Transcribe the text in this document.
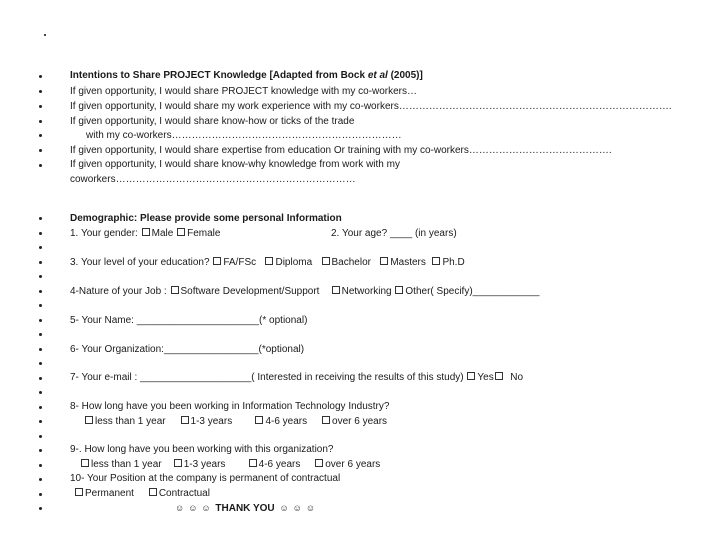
Intentions to Share PROJECT Knowledge [Adapted from Bock et al (2005)]
If given opportunity, I would share PROJECT knowledge with my co-workers…
If given opportunity, I would share my work experience with my co-workers……………………………………………………………………….
If given opportunity, I would share know-how or ticks of the trade
with my co-workers……………………………………………………………
If given opportunity, I would share expertise from education Or training with my co-workers…………………………………….
If given opportunity, I would share know-why knowledge from work with my
coworkers………………………………………………………………
Demographic: Please provide some personal Information
1. Your gender: Male Female	2. Your age? ____ (in years)
3. Your level of your education? FA/FSc Diploma Bachelor Masters Ph.D
4-Nature of your Job : Software Development/Support Networking Other( Specify)____________
5- Your Name: ______________________(* optional)
6- Your Organization:_________________(*optional)
7- Your e-mail : ____________________( Interested in receiving the results of this study) Yes No
8- How long have you been working in Information Technology Industry?
less than 1 year 1-3 years	4-6 years over 6 years
9-. How long have you been working with this organization?
less than 1 year 1-3 years	4-6 years over 6 years
10- Your Position at the company is permanent of contractual
Permanent Contractual
☺ ☺ ☺ THANK YOU ☺ ☺ ☺
